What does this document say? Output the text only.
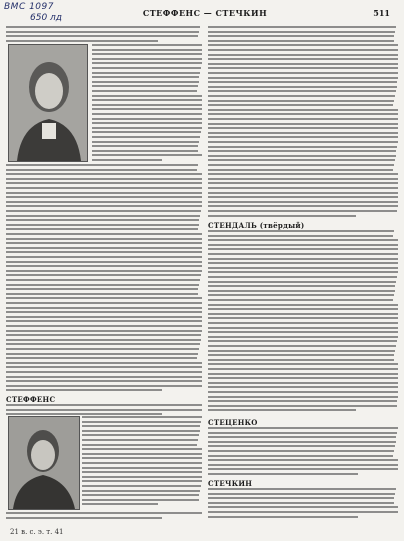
ВМС 1097
650 лд	СТЕФФЕНС — СТЕЧКИН	511
СТЕФФЕНС
СТЕНДАЛЬ (твёрдый)
СТЕЦЕНКО
СТЕЧКИН
21 в. с. э. т. 41
